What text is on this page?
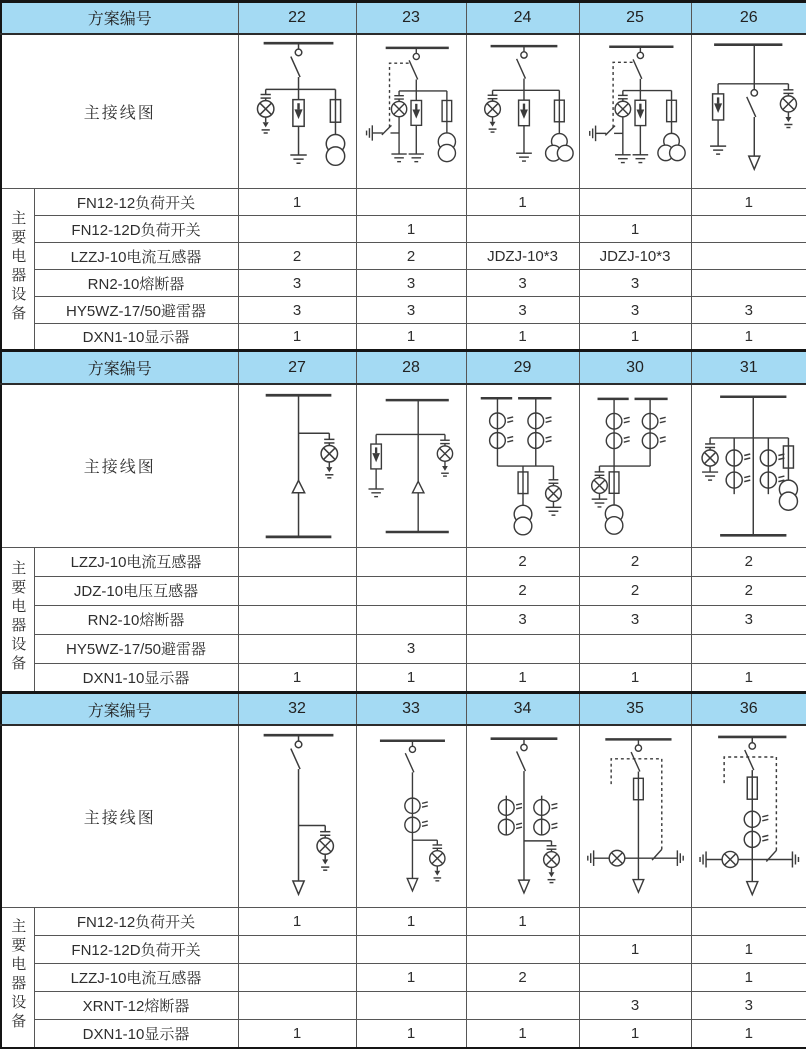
方案编号		22	23	24	25	26
主接线图	

主要电器设备	FN12-12负荷开关	1		1		1
	FN12-12D负荷开关		1		1	
	LZZJ-10电流互感器	2	2	JDZJ-10*3	JDZJ-10*3	
	RN2-10熔断器	3	3	3	3	
	HY5WZ-17/50避雷器	3	3	3	3	3
	DXN1-10显示器	1	1	1	1	1
方案编号		27	28	29	30	31
主接线图	

主要电器设备	LZZJ-10电流互感器			2	2	2
	JDZ-10电压互感器			2	2	2
	RN2-10熔断器			3	3	3
	HY5WZ-17/50避雷器		3			
	DXN1-10显示器	1	1	1	1	1
方案编号		32	33	34	35	36
主接线图	

主要电器设备	FN12-12负荷开关	1	1	1		
	FN12-12D负荷开关				1	1
	LZZJ-10电流互感器		1	2		1
	XRNT-12熔断器				3	3
	DXN1-10显示器	1	1	1	1	1
